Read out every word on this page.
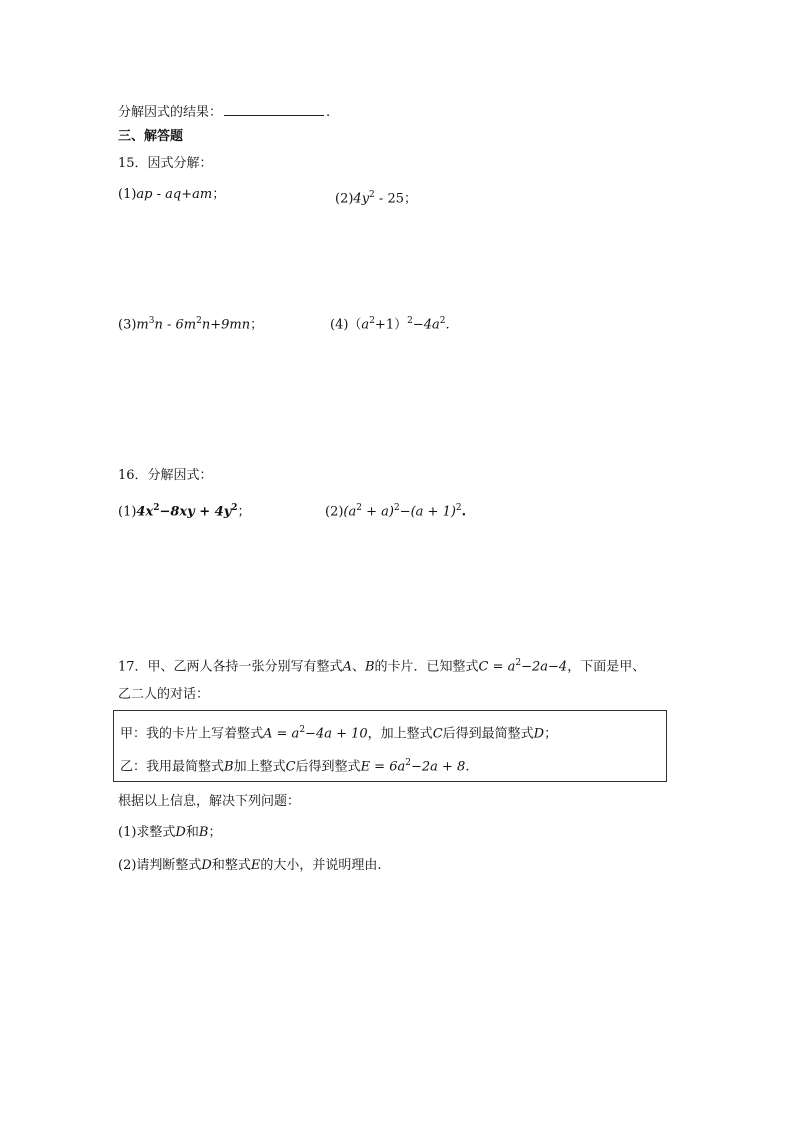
分解因式的结果：	.
三、解答题
15．因式分解：
(1)ap - aq+am；	$(2)4y^2 - 25$；
$(3)m^3n - 6m^2n+9mn$；	$(4)(a^2+1)^2-4a^2$.
16．分解因式：
$(1)4x^2-8xy + 4y^2$；	$(2)(a^2 + a)^2-(a + 1)^2$.
17．甲、乙两人各持一张分别写有整式A、B的卡片．已知整式$C = a^2-2a-4$，下面是甲、
乙二人的对话：
甲：我的卡片上写着整式$A = a^2-4a + 10$，加上整式C后得到最简整式D；
乙：我用最简整式B加上整式C后得到整式$E = 6a^2-2a + 8$.
根据以上信息，解决下列问题：
(1)求整式D和B；
(2)请判断整式D和整式E的大小，并说明理由.
